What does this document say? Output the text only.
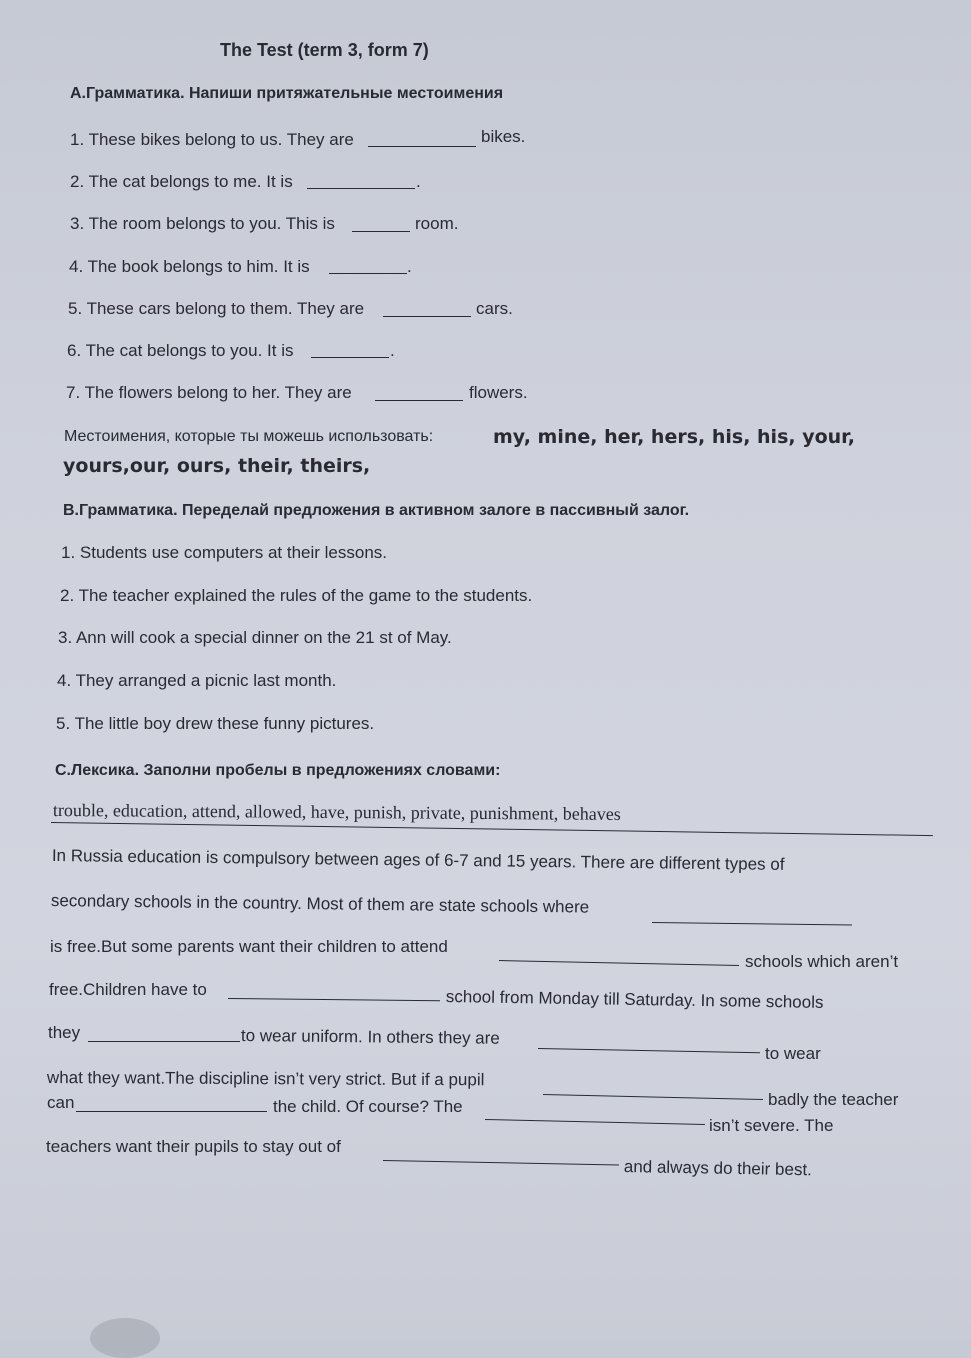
The Test (term 3, form 7)
А.Грамматика. Напиши притяжательные местоимения
1. These bikes belong to us. They are	bikes.
2. The cat belongs to me. It is	.
3. The room belongs to you. This is	room.
4. The book belongs to him. It is	.
5. These cars belong to them. They are	cars.
6. The cat belongs to you. It is	.
7. The flowers belong to her. They are	flowers.
Местоимения, которые ты можешь использовать:	my, mine, her, hers, his, his, your,
yours,our, ours, their, theirs,
В.Грамматика. Переделай предложения в активном залоге в пассивный залог.
1. Students use computers at their lessons.
2. The teacher explained the rules of the game to the students.
3. Ann will cook a special dinner on the 21 st of May.
4. They arranged a picnic last month.
5. The little boy drew these funny pictures.
С.Лексика. Заполни пробелы в предложениях словами:
trouble, education, attend, allowed, have, punish, private, punishment, behaves
In Russia education is compulsory between ages of 6-7 and 15 years. There are different types of
secondary schools in the country. Most of them are state schools where
is free.But some parents want their children to attend
schools which aren’t
free.Children have to	school from Monday till Saturday. In some schools
they	to wear uniform. In others they are
to wear
what they want.The discipline isn’t very strict. But if a pupil
badly the teacher
can	the child. Of course? The
isn’t severe. The
teachers want their pupils to stay out of
and always do their best.
